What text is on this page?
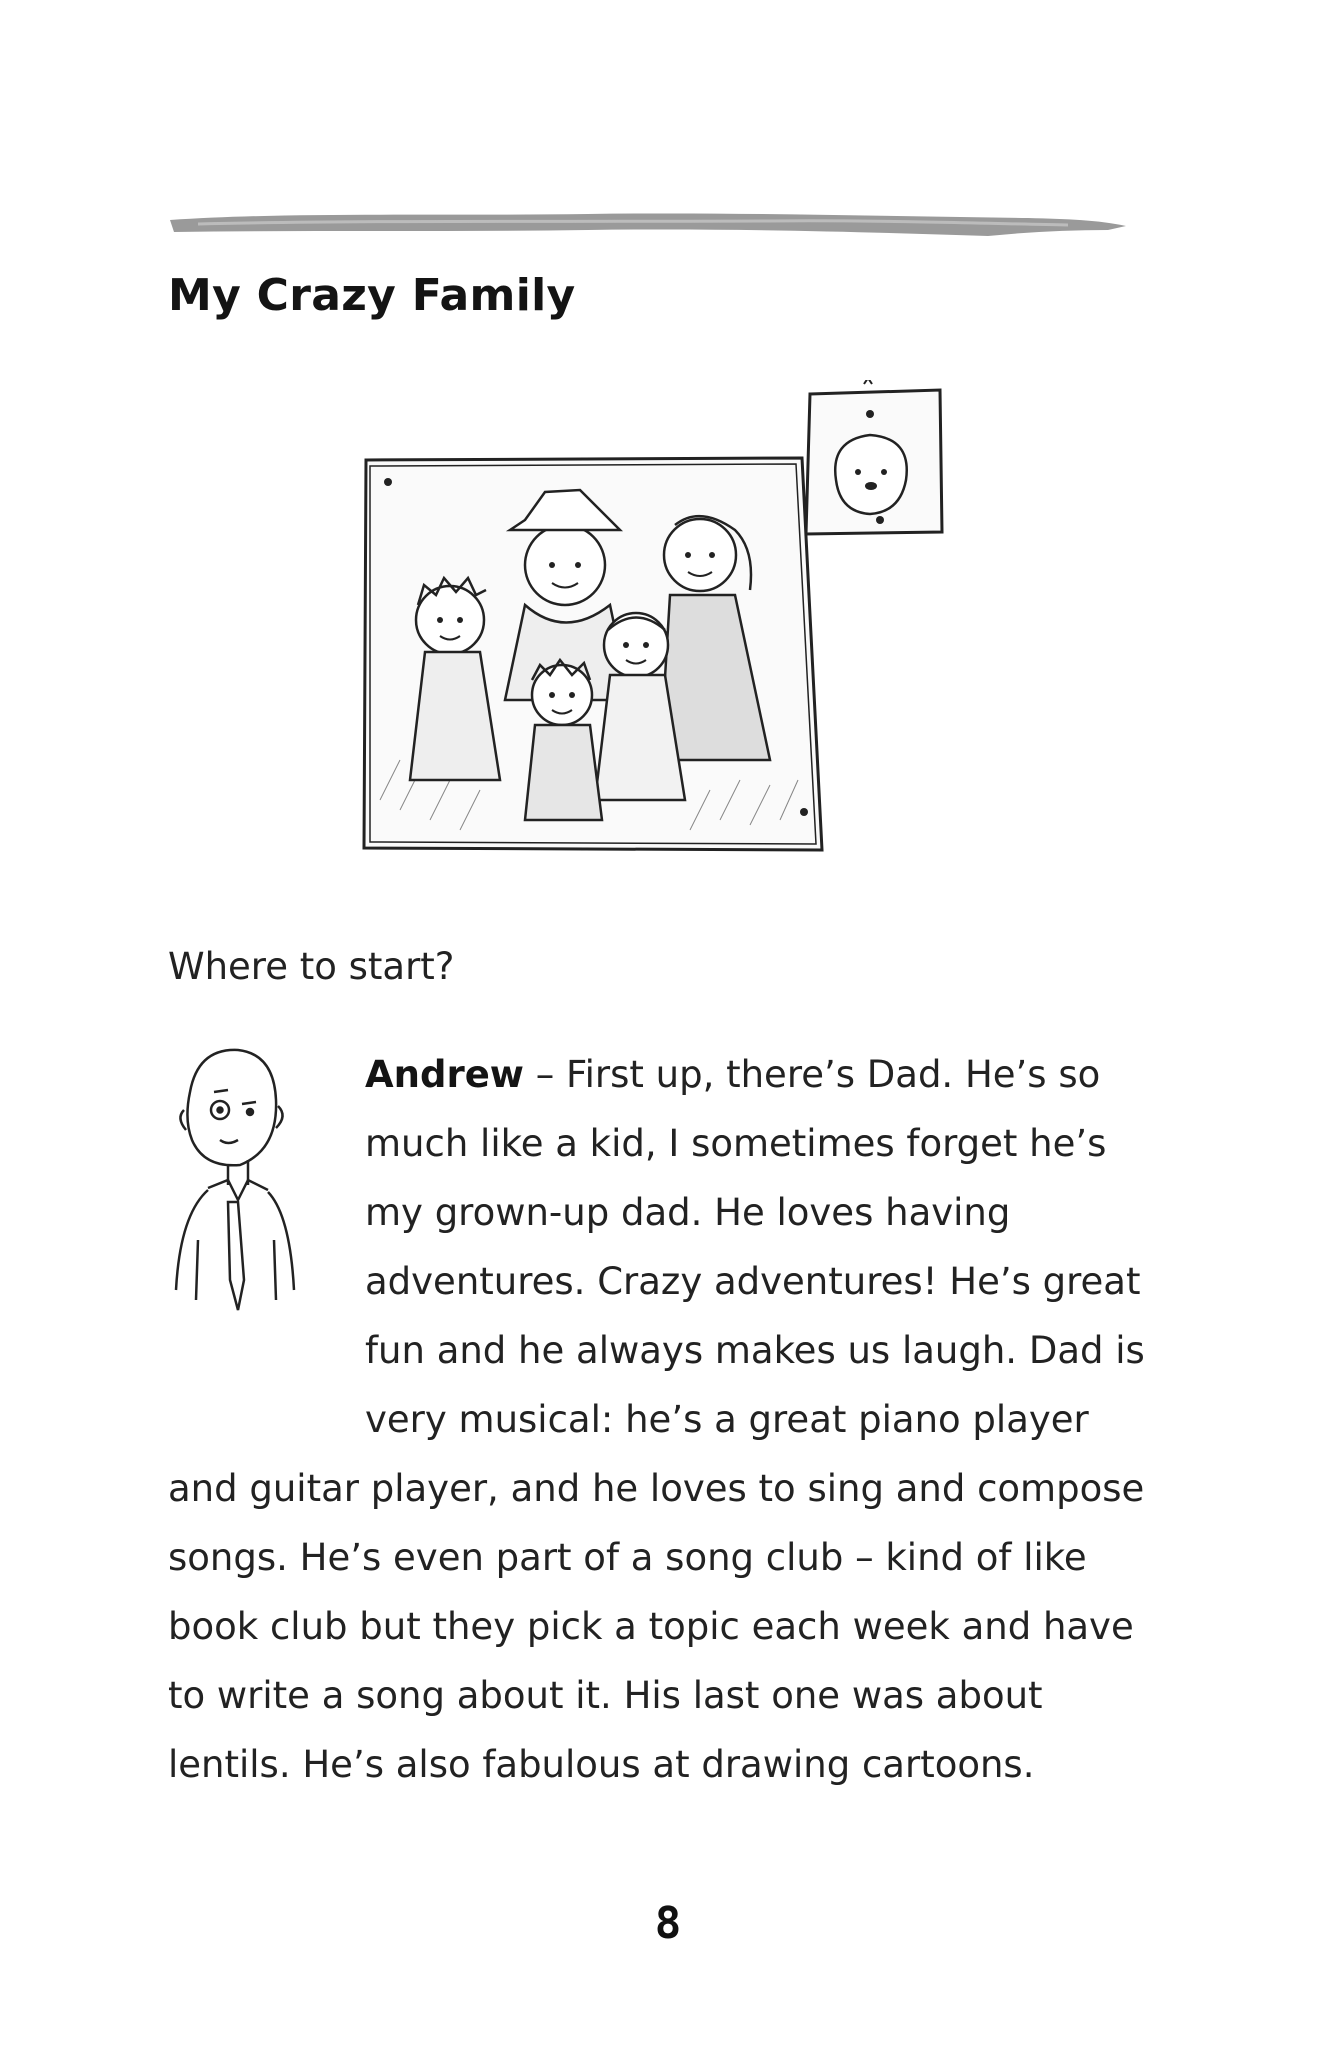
My Crazy Family
Where to start?
Andrew – First up, there’s Dad. He’s so
much like a kid, I sometimes forget he’s
my grown-up dad. He loves having
adventures. Crazy adventures! He’s great
fun and he always makes us laugh. Dad is
very musical: he’s a great piano player
and guitar player, and he loves to sing and compose
songs. He’s even part of a song club – kind of like
book club but they pick a topic each week and have
to write a song about it. His last one was about
lentils. He’s also fabulous at drawing cartoons.
8
